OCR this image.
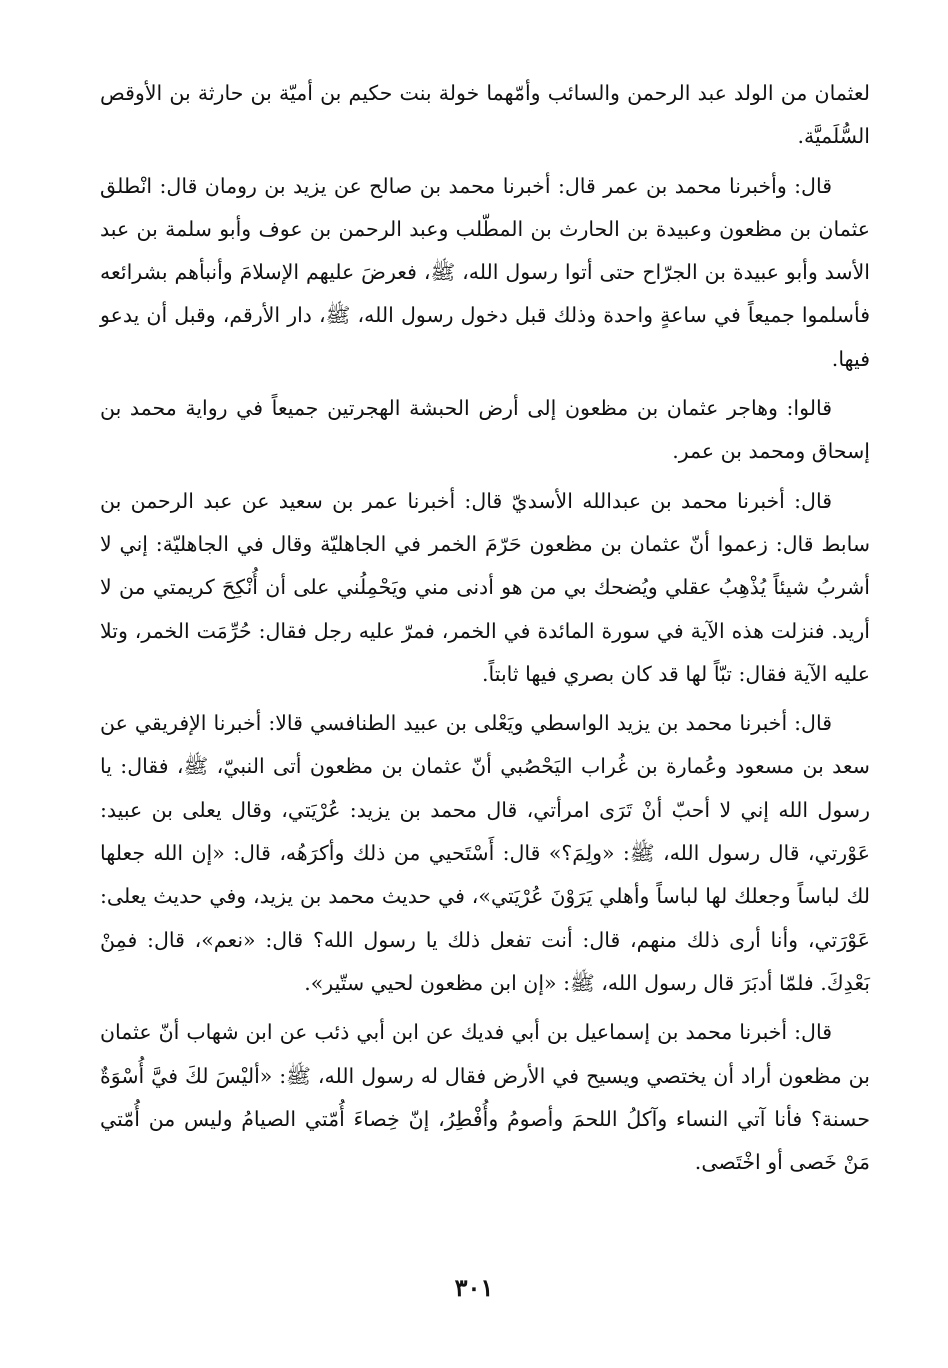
لعثمان من الولد عبد الرحمن والسائب وأمّهما خولة بنت حكيم بن أميّة بن حارثة بن الأوقص السُّلَميَّة.

قال: وأخبرنا محمد بن عمر قال: أخبرنا محمد بن صالح عن يزيد بن رومان قال: انْطلق عثمان بن مظعون وعبيدة بن الحارث بن المطّلب وعبد الرحمن بن عوف وأبو سلمة بن عبد الأسد وأبو عبيدة بن الجرّاح حتى أتوا رسول الله، ﷺ، فعرضَ عليهم الإسلامَ وأنبأهم بشرائعه فأسلموا جميعاً في ساعةٍ واحدة وذلك قبل دخول رسول الله، ﷺ، دار الأرقم، وقبل أن يدعو فيها.

قالوا: وهاجر عثمان بن مظعون إلى أرض الحبشة الهجرتين جميعاً في رواية محمد بن إسحاق ومحمد بن عمر.

قال: أخبرنا محمد بن عبدالله الأسديّ قال: أخبرنا عمر بن سعيد عن عبد الرحمن بن سابط قال: زعموا أنّ عثمان بن مظعون حَرّمَ الخمر في الجاهليّة وقال في الجاهليّة: إني لا أشربُ شيئاً يُذْهِبُ عقلي ويُضحك بي من هو أدنى مني ويَحْمِلُني على أن أُنْكِحَ كريمتي من لا أريد. فنزلت هذه الآية في سورة المائدة في الخمر، فمرّ عليه رجل فقال: حُرِّمَت الخمر، وتلا عليه الآية فقال: تبّاً لها قد كان بصري فيها ثابتاً.

قال: أخبرنا محمد بن يزيد الواسطي ويَعْلى بن عبيد الطنافسي قالا: أخبرنا الإفريقي عن سعد بن مسعود وعُمارة بن غُراب اليَحْصُبي أنّ عثمان بن مظعون أتى النبيّ، ﷺ، فقال: يا رسول الله إني لا أحبّ أنْ تَرَى امرأتي، قال محمد بن يزيد: عُرْيَتي، وقال يعلى بن عبيد: عَوْرتي، قال رسول الله، ﷺ: «ولِمَ؟» قال: أَسْتَحيي من ذلك وأكرَهُه، قال: «إن الله جعلها لك لباساً وجعلك لها لباساً وأهلي يَرَوْنَ عُرْيَتي»، في حديث محمد بن يزيد، وفي حديث يعلى: عَوْرَتي، وأنا أرى ذلك منهم، قال: أنت تفعل ذلك يا رسول الله؟ قال: «نعم»، قال: فمِنْ بَعْدِكَ. فلمّا أدبَرَ قال رسول الله، ﷺ: «إن ابن مظعون لحيي ستّير».

قال: أخبرنا محمد بن إسماعيل بن أبي فديك عن ابن أبي ذئب عن ابن شهاب أنّ عثمان بن مظعون أراد أن يختصي ويسيح في الأرض فقال له رسول الله، ﷺ: «أليْسَ لكَ فيَّ أُسْوَةٌ حسنة؟ فأنا آتي النساء وآكلُ اللحمَ وأصومُ وأُفْطِرُ، إنّ خِصاءَ أُمّتي الصيامُ وليس من أُمّتي مَنْ خَصى أو اخْتَصى.

٣٠١
